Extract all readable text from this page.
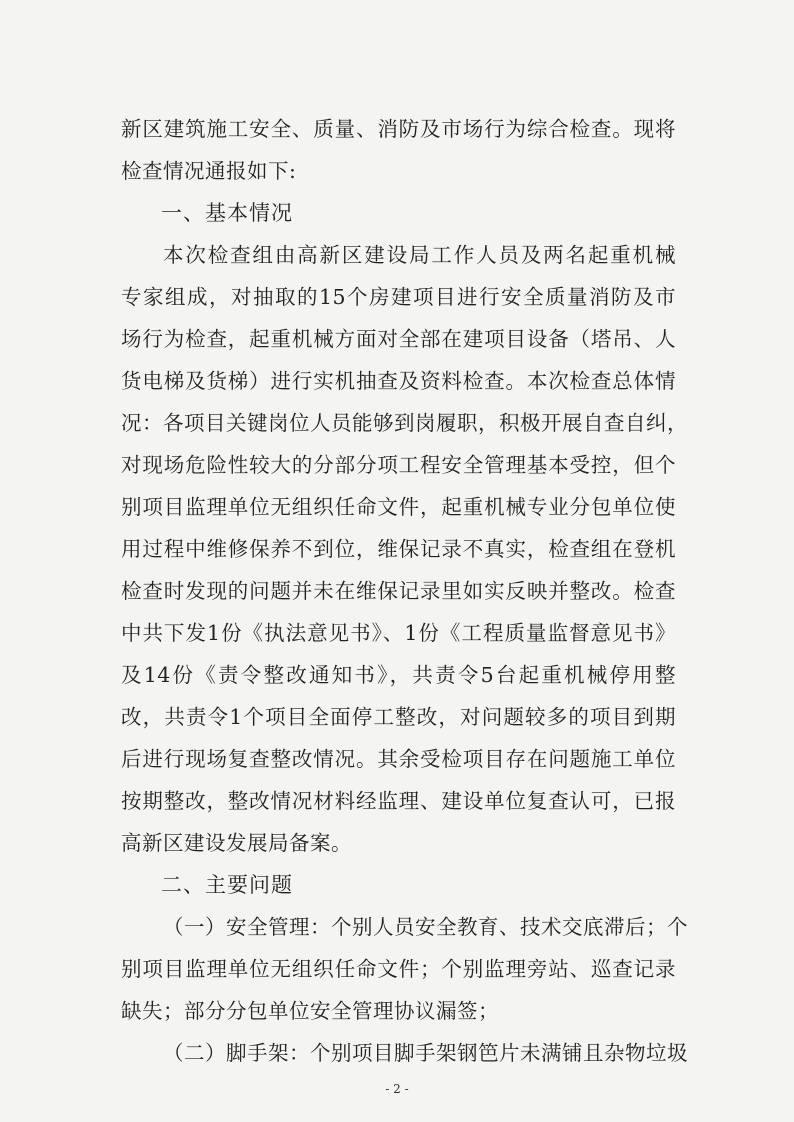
新区建筑施工安全、质量、消防及市场行为综合检查。现将
检查情况通报如下:
一、基本情况
本次检查组由高新区建设局工作人员及两名起重机械
专家组成，对抽取的15个房建项目进行安全质量消防及市
场行为检查，起重机械方面对全部在建项目设备（塔吊、人
货电梯及货梯）进行实机抽查及资料检查。本次检查总体情
况：各项目关键岗位人员能够到岗履职，积极开展自查自纠，
对现场危险性较大的分部分项工程安全管理基本受控，但个
别项目监理单位无组织任命文件，起重机械专业分包单位使
用过程中维修保养不到位，维保记录不真实，检查组在登机
检查时发现的问题并未在维保记录里如实反映并整改。检查
中共下发1份《执法意见书》、1份《工程质量监督意见书》
及14份《责令整改通知书》，共责令5台起重机械停用整
改，共责令1个项目全面停工整改，对问题较多的项目到期
后进行现场复查整改情况。其余受检项目存在问题施工单位
按期整改，整改情况材料经监理、建设单位复查认可，已报
高新区建设发展局备案。
二、主要问题
（一）安全管理：个别人员安全教育、技术交底滞后；个
别项目监理单位无组织任命文件；个别监理旁站、巡查记录
缺失；部分分包单位安全管理协议漏签；
（二）脚手架：个别项目脚手架钢笆片未满铺且杂物垃圾
- 2 -
